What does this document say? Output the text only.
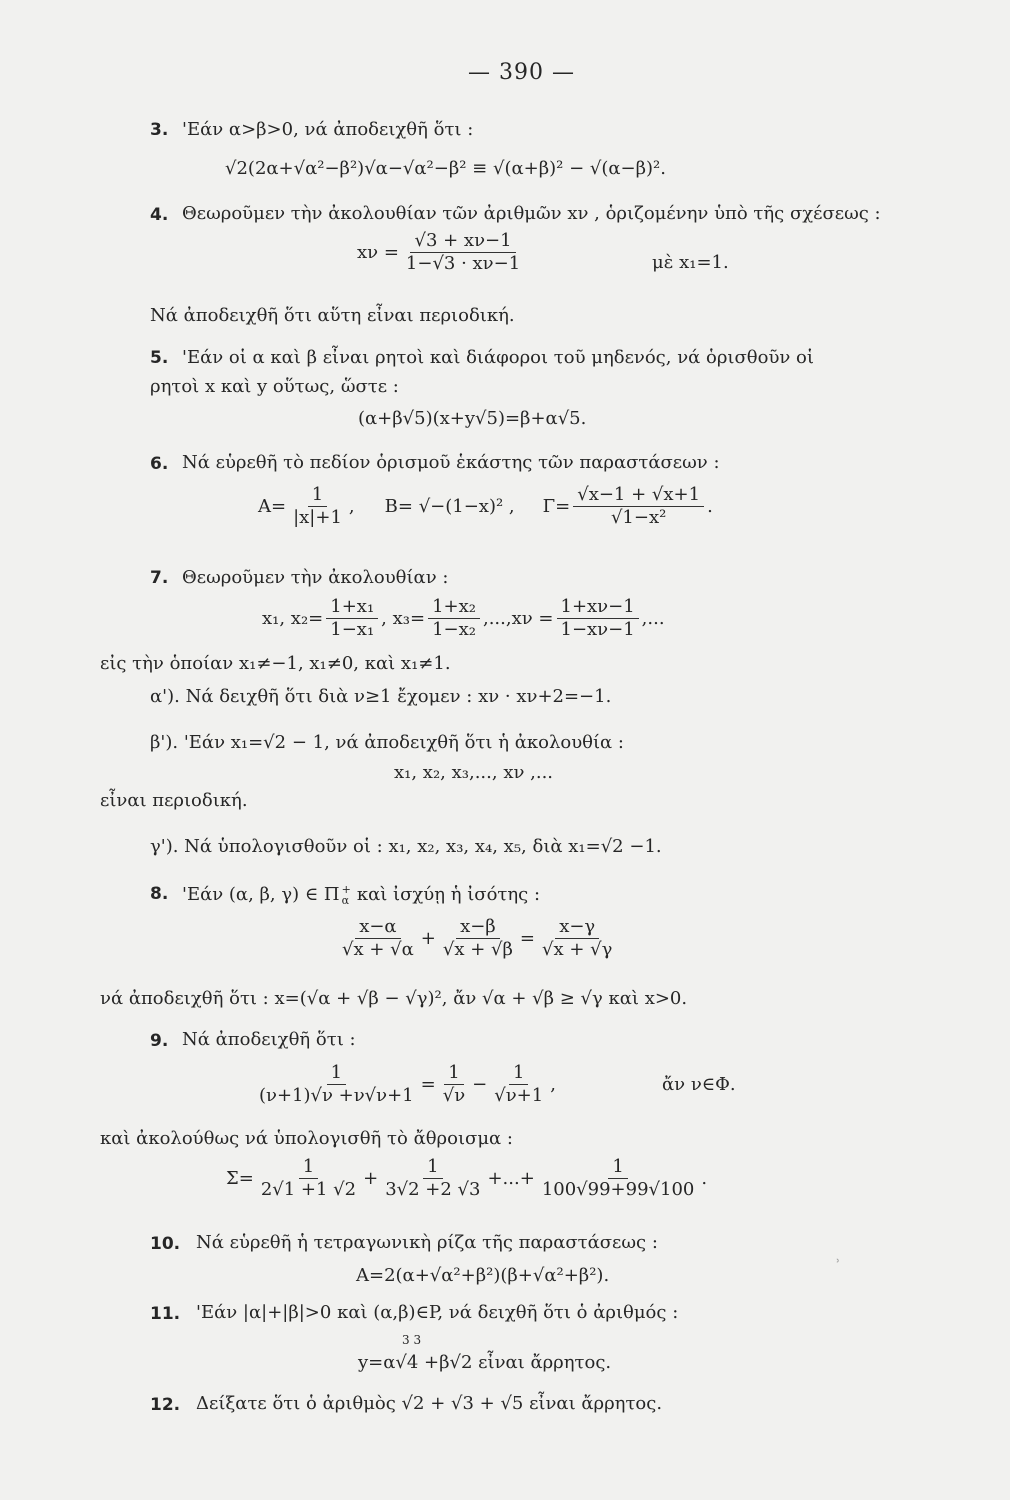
— 390 —
3. 'Εάν α>β>0, νά ἀποδειχθῆ ὅτι :
√2(2α+√α²−β²)√α−√α²−β² ≡ √(α+β)² − √(α−β)².
4. Θεωροῦμεν τὴν ἀκολουθίαν τῶν ἀριθμῶν xν , ὁριζομένην ὑπὸ τῆς σχέσεως :
$x\nu = \frac{√3 + x\nu-1}{1-√3 \cdot x\nu-1}$	μὲ x₁=1.
Νά ἀποδειχθῆ ὅτι αὕτη εἶναι περιοδική.
5. 'Εάν οἱ α καὶ β εἶναι ρητοὶ καὶ διάφοροι τοῦ μηδενός, νά ὁρισθοῦν οἱ
ρητοὶ x καὶ y οὕτως, ὥστε :
(α+β√5)(x+y√5)=β+α√5.
6. Νά εὑρεθῆ τὸ πεδίον ὁρισμοῦ ἑκάστης τῶν παραστάσεων :
$A= \frac{1}{|x|+1}$ , B= √−(1−x)² , $\Gamma= \frac{√x-1 + √x+1}{\text{√1−x²}}$ .
7. Θεωροῦμεν τὴν ἀκολουθίαν :
x₁, $x_2= \frac{\text{1+x₁}}{\text{1−x₁}}$ , $x_3= \frac{\text{1+x₂}}{\text{1−x₂}} ,...,x\nu = \frac{1+x\nu-1}{1-x\nu-1}$ ,...
εἰς τὴν ὁποίαν x₁≠−1, x₁≠0, καὶ x₁≠1.
α'). Νά δειχθῆ ὅτι διὰ ν≥1 ἔχομεν : xν · xν+2=−1.
β'). 'Εάν x₁=√2 − 1, νά ἀποδειχθῆ ὅτι ἡ ἀκολουθία :
x₁, x₂, x₃,..., xν ,...
εἶναι περιοδική.
γ'). Νά ὑπολογισθοῦν οἱ : x₁, x₂, x₃, x₄, x₅, διὰ x₁=√2 −1.
8. 'Εάν (α, β, γ) ∈ Π +
α καὶ ἰσχύῃ ἡ ἰσότης :
$\frac{x-\alpha}{√x + √\alpha} + \frac{x-\beta}{√x + √\beta} = \frac{x-\gamma}{√x + √\gamma}$
νά ἀποδειχθῆ ὅτι : x=(√α + √β − √γ)², ἄν √α + √β ≥ √γ καὶ x>0.
9. Νά ἀποδειχθῆ ὅτι :
$\frac{1}{(\nu+1)√\nu +\nu√\nu+1} = \frac{1}{√\nu} - \frac{1}{√\nu+1}$ ,	ἄν ν∈Φ.
καὶ ἀκολούθως νά ὑπολογισθῆ τὸ ἄθροισμα :
$\Sigma= \frac{1}{2√1 +1 √2} + \frac{1}{3√2 +2 √3}$ +...+ $\frac{1}{100√99+99√100}$ .
10. Νά εὑρεθῆ ἡ τετραγωνικὴ ρίζα τῆς παραστάσεως :
A=2(α+√α²+β²)(β+√α²+β²).
11. 'Εάν |α|+|β|>0 καὶ (α,β)∈P, νά δειχθῆ ὅτι ὁ ἀριθμός :
3 3
y=α√4 +β√2 εἶναι ἄρρητος.
12. Δείξατε ὅτι ὁ ἀριθμὸς √2 + √3 + √5 εἶναι ἄρρητος.
˒
